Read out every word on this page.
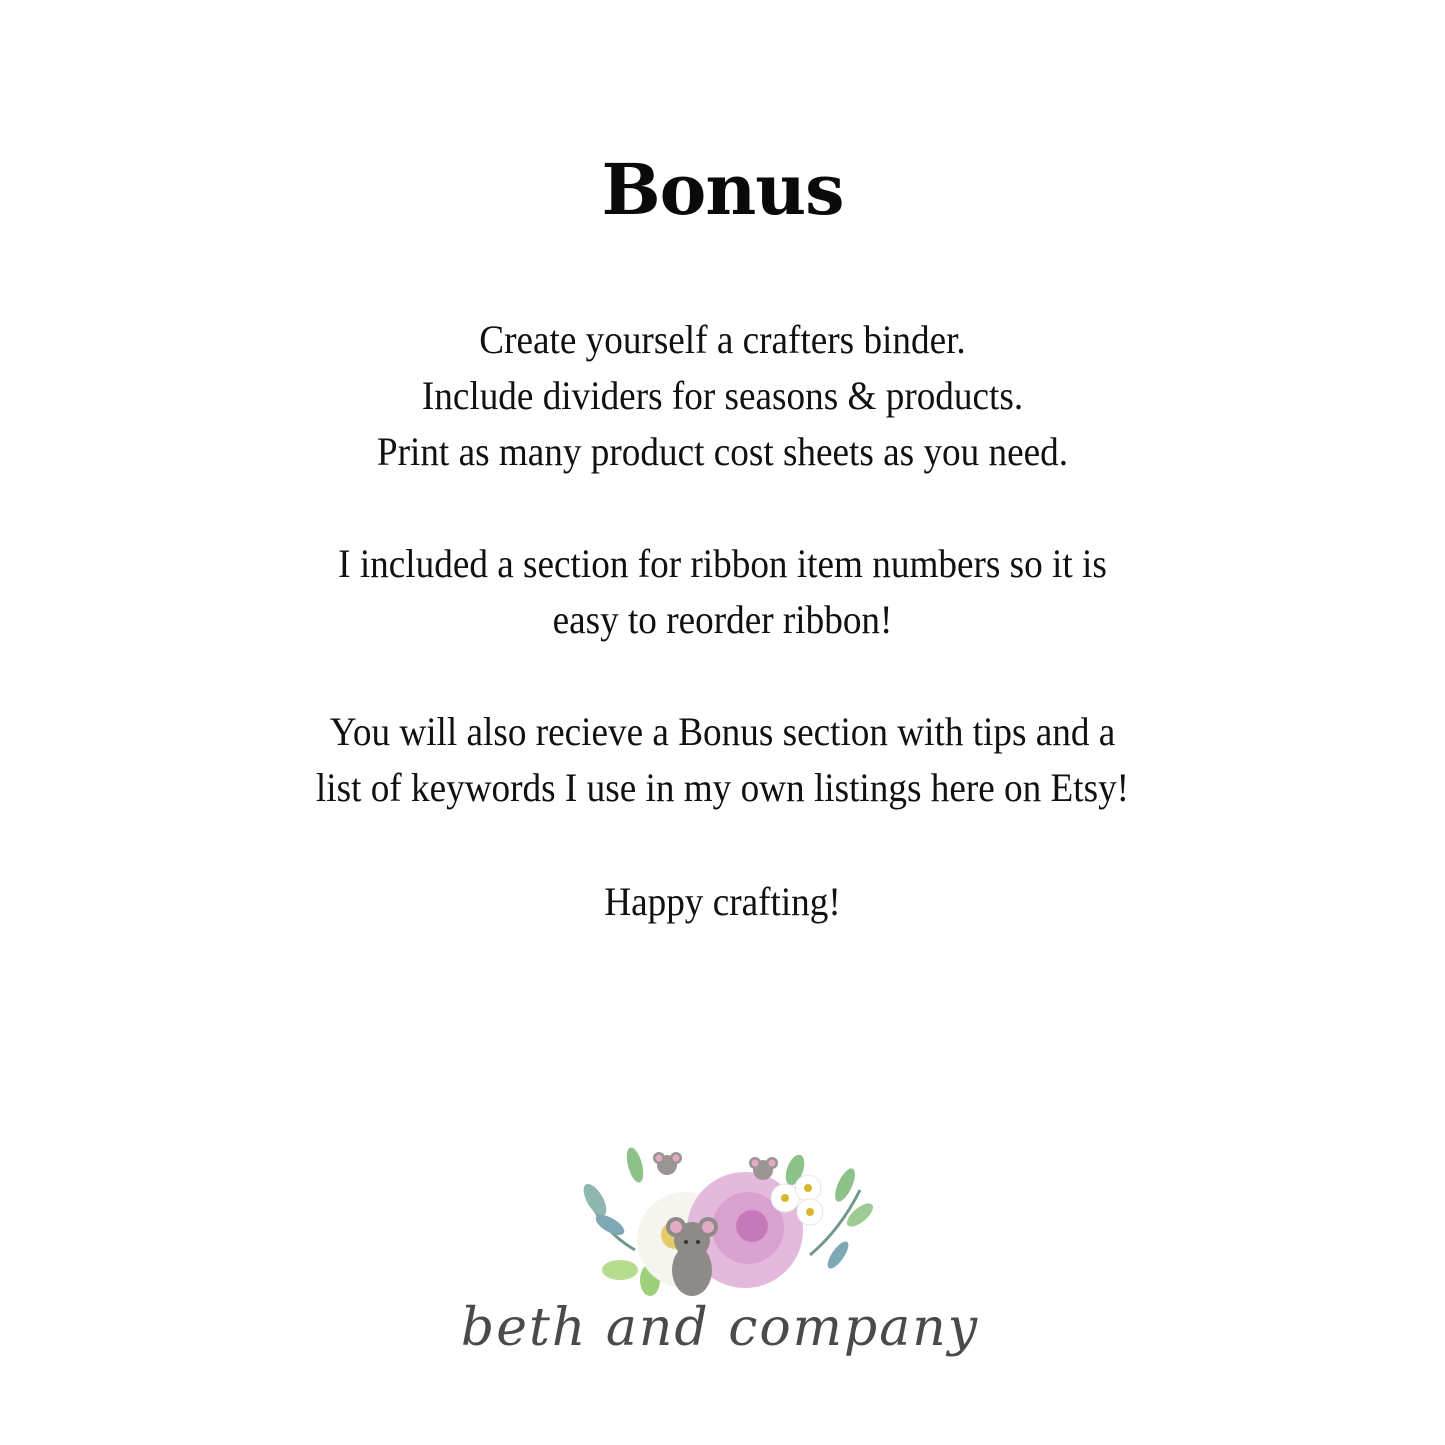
Bonus
Create yourself a crafters binder.
Include dividers for seasons & products.
Print as many product cost sheets as you need.
I included a section for ribbon item numbers so it is
easy to reorder ribbon!
You will also recieve a Bonus section with tips and a
list of keywords I use in my own listings here on Etsy!
Happy crafting!
beth and company
